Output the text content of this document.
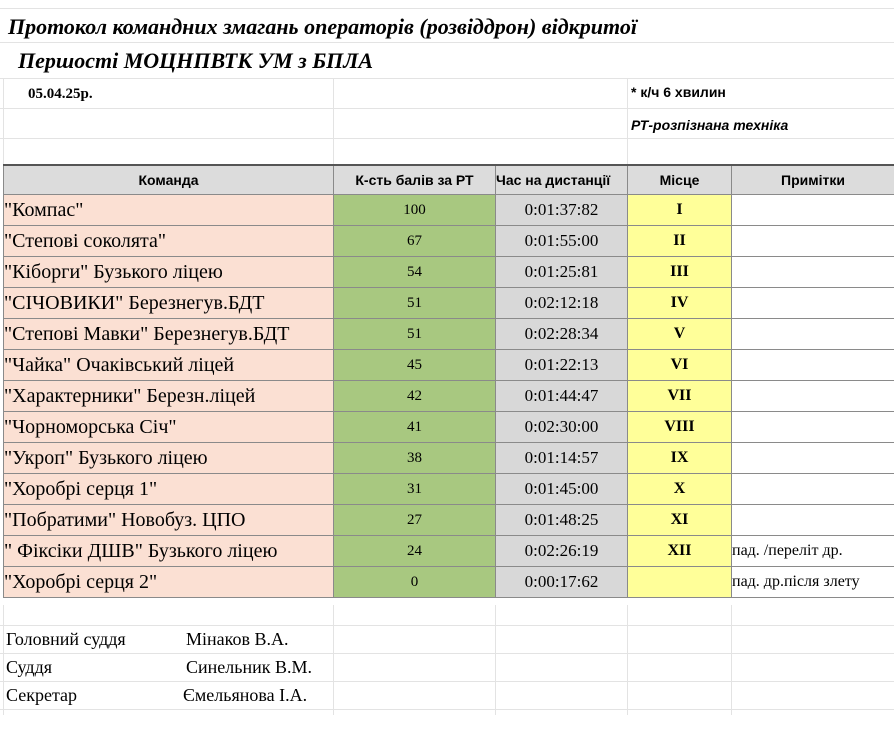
Протокол командних змагань операторів (розвіддрон) відкритої
Першості МОЦНПВТК УМ з БПЛА
05.04.25р.	* к/ч 6 хвилин
РТ-розпізнана техніка
Команда	К-сть балів за РТ	Час на дистанції	Місце	Примітки

"Компас"	100	0:01:37:82	I	
"Степові соколята"	67	0:01:55:00	II	
"Кіборги" Бузького ліцею	54	0:01:25:81	III	
"СІЧОВИКИ" Березнегув.БДТ	51	0:02:12:18	IV	
"Степові Мавки" Березнегув.БДТ	51	0:02:28:34	V	
"Чайка" Очаківський ліцей	45	0:01:22:13	VI	
"Характерники" Березн.ліцей	42	0:01:44:47	VII	
"Чорноморська Січ"	41	0:02:30:00	VIII	
"Укроп" Бузького ліцею	38	0:01:14:57	IX	
"Хоробрі серця 1"	31	0:01:45:00	X	
"Побратими" Новобуз. ЦПО	27	0:01:48:25	XI	
" Фіксіки ДШВ" Бузького ліцею	24	0:02:26:19	XII	пад. /переліт др.
"Хоробрі серця 2"	0	0:00:17:62		пад. др.після злету
Головний суддя	Мінаков В.А.
Суддя	Синельник В.М.
Секретар	Ємельянова І.А.
